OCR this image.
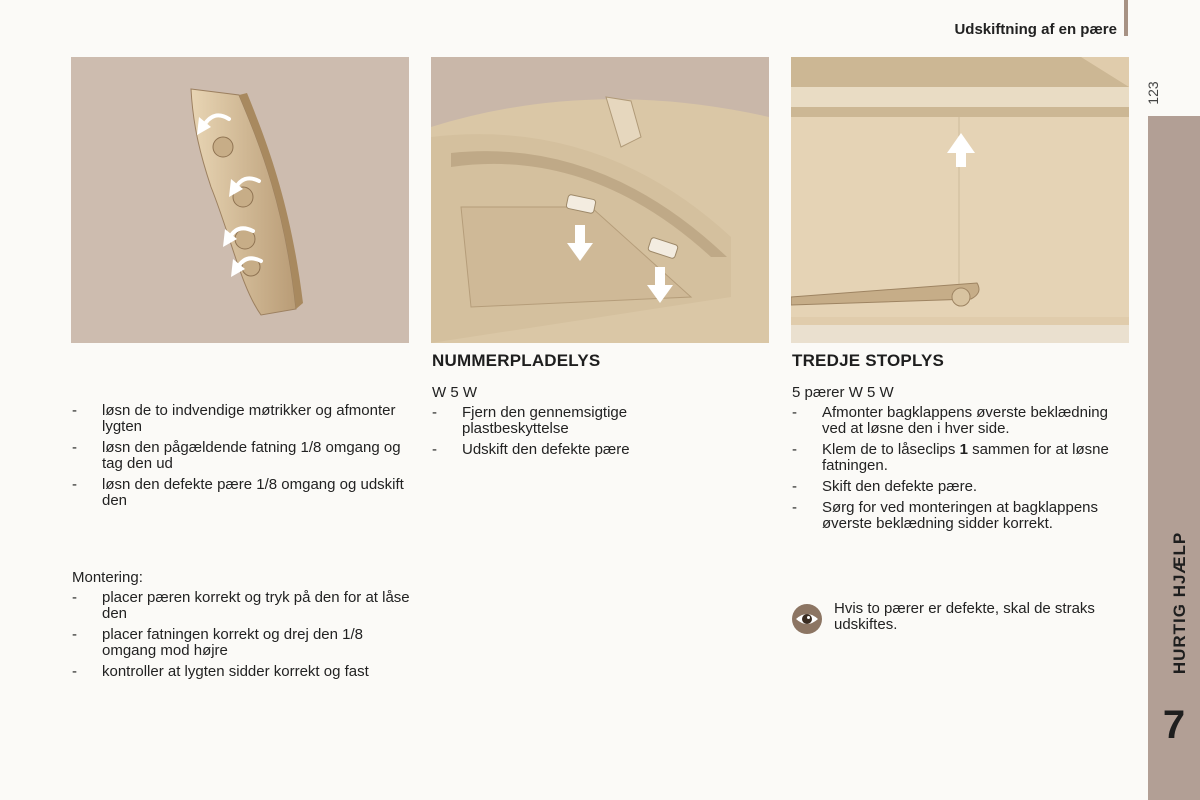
Udskiftning af en pære
123
HURTIG HJÆLP
7
NUMMERPLADELYS	TREDJE STOPLYS
W 5 W	5 pærer W 5 W
- løsn de to indvendige møtrikker og afmonter lygten
- løsn den pågældende fatning 1/8 omgang og tag den ud
- løsn den defekte pære 1/8 omgang og udskift den
Montering:
- placer pæren korrekt og tryk på den for at låse den
- placer fatningen korrekt og drej den 1/8 omgang mod højre
- kontroller at lygten sidder korrekt og fast
- Fjern den gennemsigtige plastbeskyttelse
- Udskift den defekte pære
- Afmonter bagklappens øverste beklædning ved at løsne den i hver side.
- Klem de to låseclips 1 sammen for at løsne fatningen.
- Skift den defekte pære.
- Sørg for ved monteringen at bagklappens øverste beklædning sidder korrekt.
Hvis to pærer er defekte, skal de straks udskiftes.
